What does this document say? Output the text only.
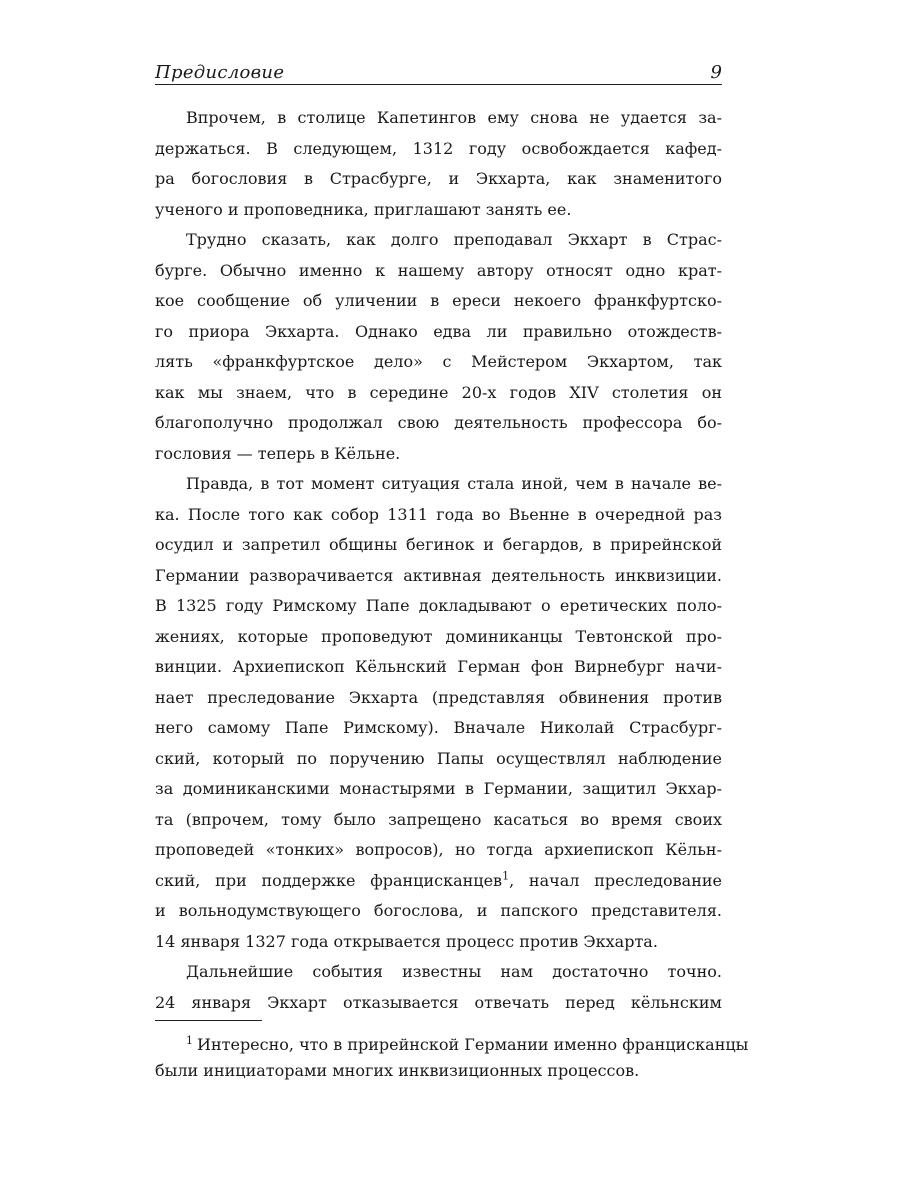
Предисловие	9
Впрочем, в столице Капетингов ему снова не удается за-
держаться. В следующем, 1312 году освобождается кафед-
ра богословия в Страсбурге, и Экхарта, как знаменитого
ученого и проповедника, приглашают занять ее.
Трудно сказать, как долго преподавал Экхарт в Страс-
бурге. Обычно именно к нашему автору относят одно крат-
кое сообщение об уличении в ереси некоего франкфуртско-
го приора Экхарта. Однако едва ли правильно отождеств-
лять «франкфуртское дело» с Мейстером Экхартом, так
как мы знаем, что в середине 20-х годов XIV столетия он
благополучно продолжал свою деятельность профессора бо-
гословия — теперь в Кёльне.
Правда, в тот момент ситуация стала иной, чем в начале ве-
ка. После того как собор 1311 года во Вьенне в очередной раз
осудил и запретил общины бегинок и бегардов, в прирейнской
Германии разворачивается активная деятельность инквизиции.
В 1325 году Римскому Папе докладывают о еретических поло-
жениях, которые проповедуют доминиканцы Тевтонской про-
винции. Архиепископ Кёльнский Герман фон Вирнебург начи-
нает преследование Экхарта (представляя обвинения против
него самому Папе Римскому). Вначале Николай Страсбург-
ский, который по поручению Папы осуществлял наблюдение
за доминиканскими монастырями в Германии, защитил Экхар-
та (впрочем, тому было запрещено касаться во время своих
проповедей «тонких» вопросов), но тогда архиепископ Кёльн-
ский, при поддержке францисканцев$^1$, начал преследование
и вольнодумствующего богослова, и папского представителя.
14 января 1327 года открывается процесс против Экхарта.
Дальнейшие события известны нам достаточно точно.
24 января Экхарт отказывается отвечать перед кёльнским
$^1$ Интересно, что в прирейнской Германии именно францисканцы
были инициаторами многих инквизиционных процессов.
